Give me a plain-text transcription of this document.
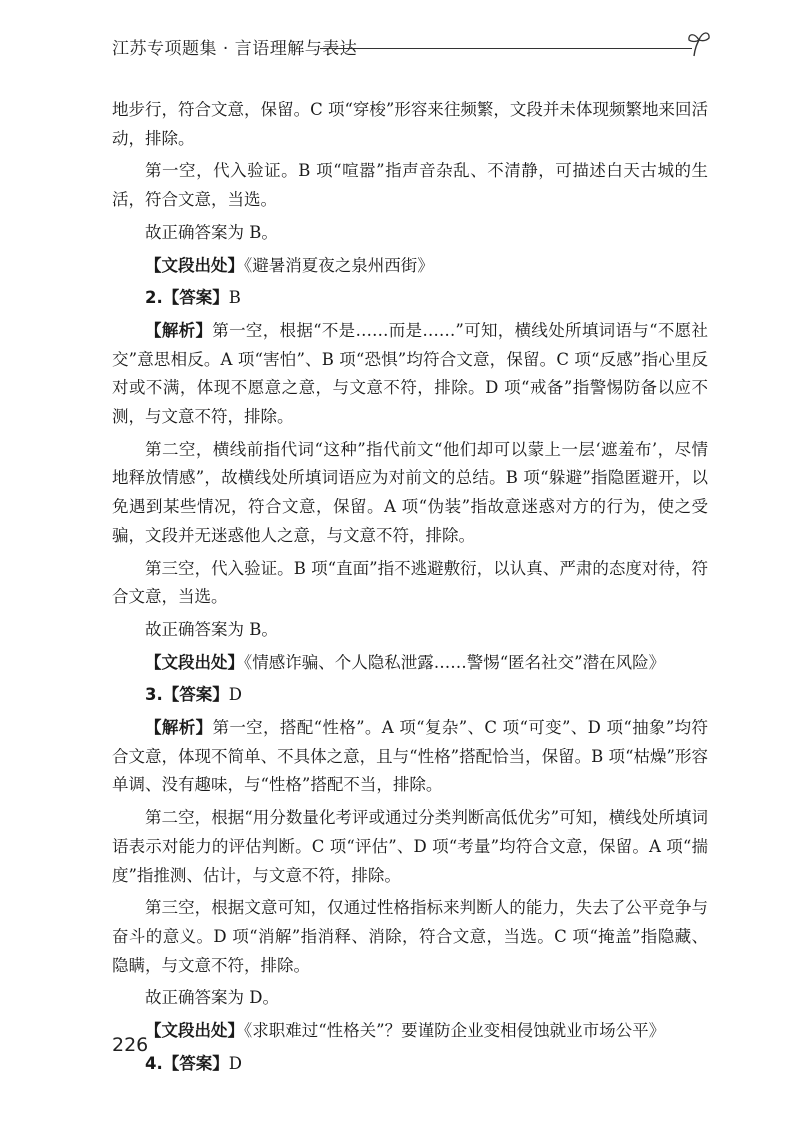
江苏专项题集 · 言语理解与表达

地步行，符合文意，保留。C 项“穿梭”形容来往频繁，文段并未体现频繁地来回活动，排除。

第一空，代入验证。B 项“喧嚣”指声音杂乱、不清静，可描述白天古城的生活，符合文意，当选。

故正确答案为 B。

【文段出处】《避暑消夏夜之泉州西街》

2.【答案】B

【解析】第一空，根据“不是……而是……”可知，横线处所填词语与“不愿社交”意思相反。A 项“害怕”、B 项“恐惧”均符合文意，保留。C 项“反感”指心里反对或不满，体现不愿意之意，与文意不符，排除。D 项“戒备”指警惕防备以应不测，与文意不符，排除。

第二空，横线前指代词“这种”指代前文“他们却可以蒙上一层‘遮羞布’，尽情地释放情感”，故横线处所填词语应为对前文的总结。B 项“躲避”指隐匿避开，以免遇到某些情况，符合文意，保留。A 项“伪装”指故意迷惑对方的行为，使之受骗，文段并无迷惑他人之意，与文意不符，排除。

第三空，代入验证。B 项“直面”指不逃避敷衍，以认真、严肃的态度对待，符合文意，当选。

故正确答案为 B。

【文段出处】《情感诈骗、个人隐私泄露……警惕“匿名社交”潜在风险》

3.【答案】D

【解析】第一空，搭配“性格”。A 项“复杂”、C 项“可变”、D 项“抽象”均符合文意，体现不简单、不具体之意，且与“性格”搭配恰当，保留。B 项“枯燥”形容单调、没有趣味，与“性格”搭配不当，排除。

第二空，根据“用分数量化考评或通过分类判断高低优劣”可知，横线处所填词语表示对能力的评估判断。C 项“评估”、D 项“考量”均符合文意，保留。A 项“揣度”指推测、估计，与文意不符，排除。

第三空，根据文意可知，仅通过性格指标来判断人的能力，失去了公平竞争与奋斗的意义。D 项“消解”指消释、消除，符合文意，当选。C 项“掩盖”指隐藏、隐瞒，与文意不符，排除。

故正确答案为 D。

【文段出处】《求职难过“性格关”？要谨防企业变相侵蚀就业市场公平》

4.【答案】D

226
